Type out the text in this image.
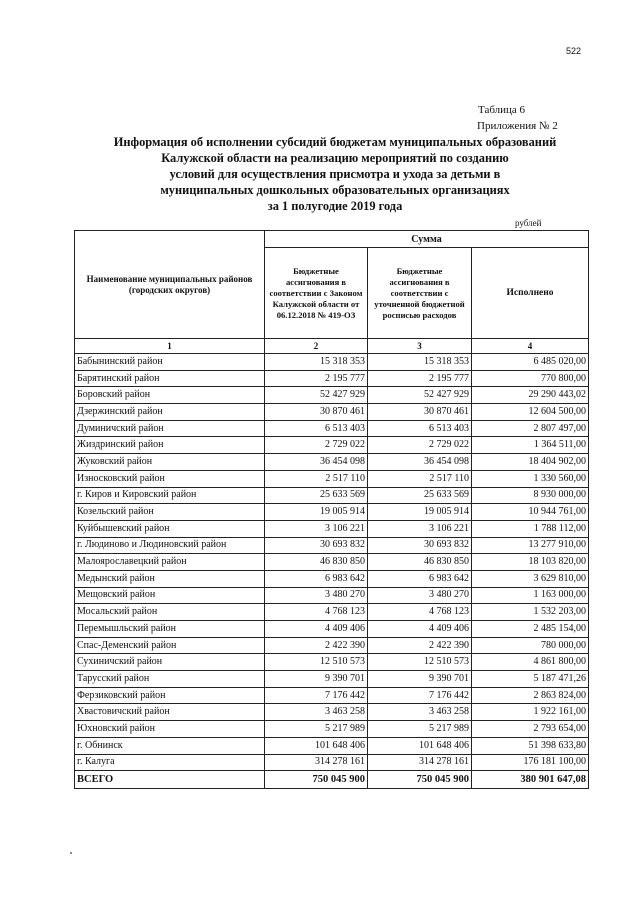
522
Таблица 6
Приложения № 2
Информация об исполнении субсидий бюджетам муниципальных образований
Калужской области на реализацию мероприятий по созданию
условий для осуществления присмотра и ухода за детьми в
муниципальных дошкольных образовательных организациях
за 1 полугодие 2019 года
рублей
Наименование муниципальных районов (городских округов)	Сумма		
	Бюджетные ассигнования в соответствии с Законом Калужской области от 06.12.2018 № 419-ОЗ	Бюджетные ассигнования в соответствии с уточненной бюджетной росписью расходов	Исполнено
1	2	3	4
Бабынинский район	15 318 353	15 318 353	6 485 020,00
Барятинский район	2 195 777	2 195 777	770 800,00
Боровский район	52 427 929	52 427 929	29 290 443,02
Дзержинский район	30 870 461	30 870 461	12 604 500,00
Думиничский район	6 513 403	6 513 403	2 807 497,00
Жиздринский район	2 729 022	2 729 022	1 364 511,00
Жуковский район	36 454 098	36 454 098	18 404 902,00
Износковский район	2 517 110	2 517 110	1 330 560,00
г. Киров и Кировский район	25 633 569	25 633 569	8 930 000,00
Козельский район	19 005 914	19 005 914	10 944 761,00
Куйбышевский район	3 106 221	3 106 221	1 788 112,00
г. Людиново и Людиновский район	30 693 832	30 693 832	13 277 910,00
Малоярославецкий район	46 830 850	46 830 850	18 103 820,00
Медынский район	6 983 642	6 983 642	3 629 810,00
Мещовский район	3 480 270	3 480 270	1 163 000,00
Мосальский район	4 768 123	4 768 123	1 532 203,00
Перемышльский район	4 409 406	4 409 406	2 485 154,00
Спас-Деменский район	2 422 390	2 422 390	780 000,00
Сухиничский район	12 510 573	12 510 573	4 861 800,00
Тарусский район	9 390 701	9 390 701	5 187 471,26
Ферзиковский район	7 176 442	7 176 442	2 863 824,00
Хвастовичский район	3 463 258	3 463 258	1 922 161,00
Юхновский район	5 217 989	5 217 989	2 793 654,00
г. Обнинск	101 648 406	101 648 406	51 398 633,80
г. Калуга	314 278 161	314 278 161	176 181 100,00
ВСЕГО	750 045 900	750 045 900	380 901 647,08
